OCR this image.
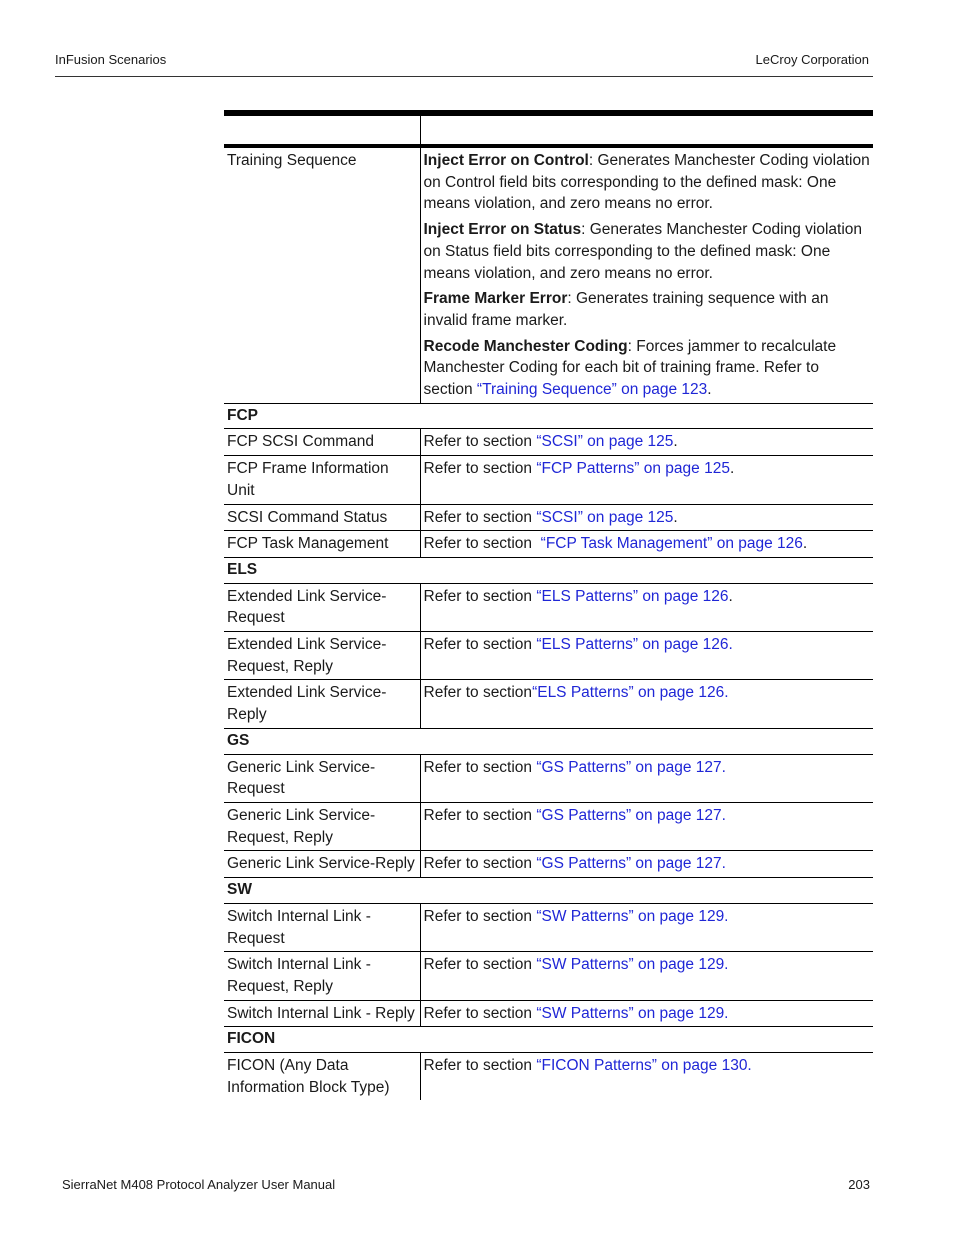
InFusion Scenarios	LeCroy Corporation

Training Sequence	Inject Error on Control: Generates Manchester Coding violation on Control field bits corresponding to the defined mask: One means violation, and zero means no error.

Inject Error on Status: Generates Manchester Coding violation on Status field bits corresponding to the defined mask: One means violation, and zero means no error.

Frame Marker Error: Generates training sequence with an invalid frame marker.

Recode Manchester Coding: Forces jammer to recalculate Manchester Coding for each bit of training frame. Refer to section “Training Sequence” on page 123.

FCP	
FCP SCSI Command	Refer to section “SCSI” on page 125.
FCP Frame Information Unit	Refer to section “FCP Patterns” on page 125.
SCSI Command Status	Refer to section “SCSI” on page 125.
FCP Task Management	Refer to section  “FCP Task Management” on page 126.
ELS	
Extended Link Service-Request	Refer to section “ELS Patterns” on page 126.
Extended Link Service-Request, Reply	Refer to section “ELS Patterns” on page 126.
Extended Link Service-Reply	Refer to section“ELS Patterns” on page 126.
GS	
Generic Link Service-Request	Refer to section “GS Patterns” on page 127.
Generic Link Service-Request, Reply	Refer to section “GS Patterns” on page 127.
Generic Link Service-Reply	Refer to section “GS Patterns” on page 127.
SW	
Switch Internal Link - Request	Refer to section “SW Patterns” on page 129.
Switch Internal Link - Request, Reply	Refer to section “SW Patterns” on page 129.
Switch Internal Link - Reply	Refer to section “SW Patterns” on page 129.
FICON	
FICON (Any Data Information Block Type)	Refer to section “FICON Patterns” on page 130.
SierraNet M408 Protocol Analyzer User Manual	203
